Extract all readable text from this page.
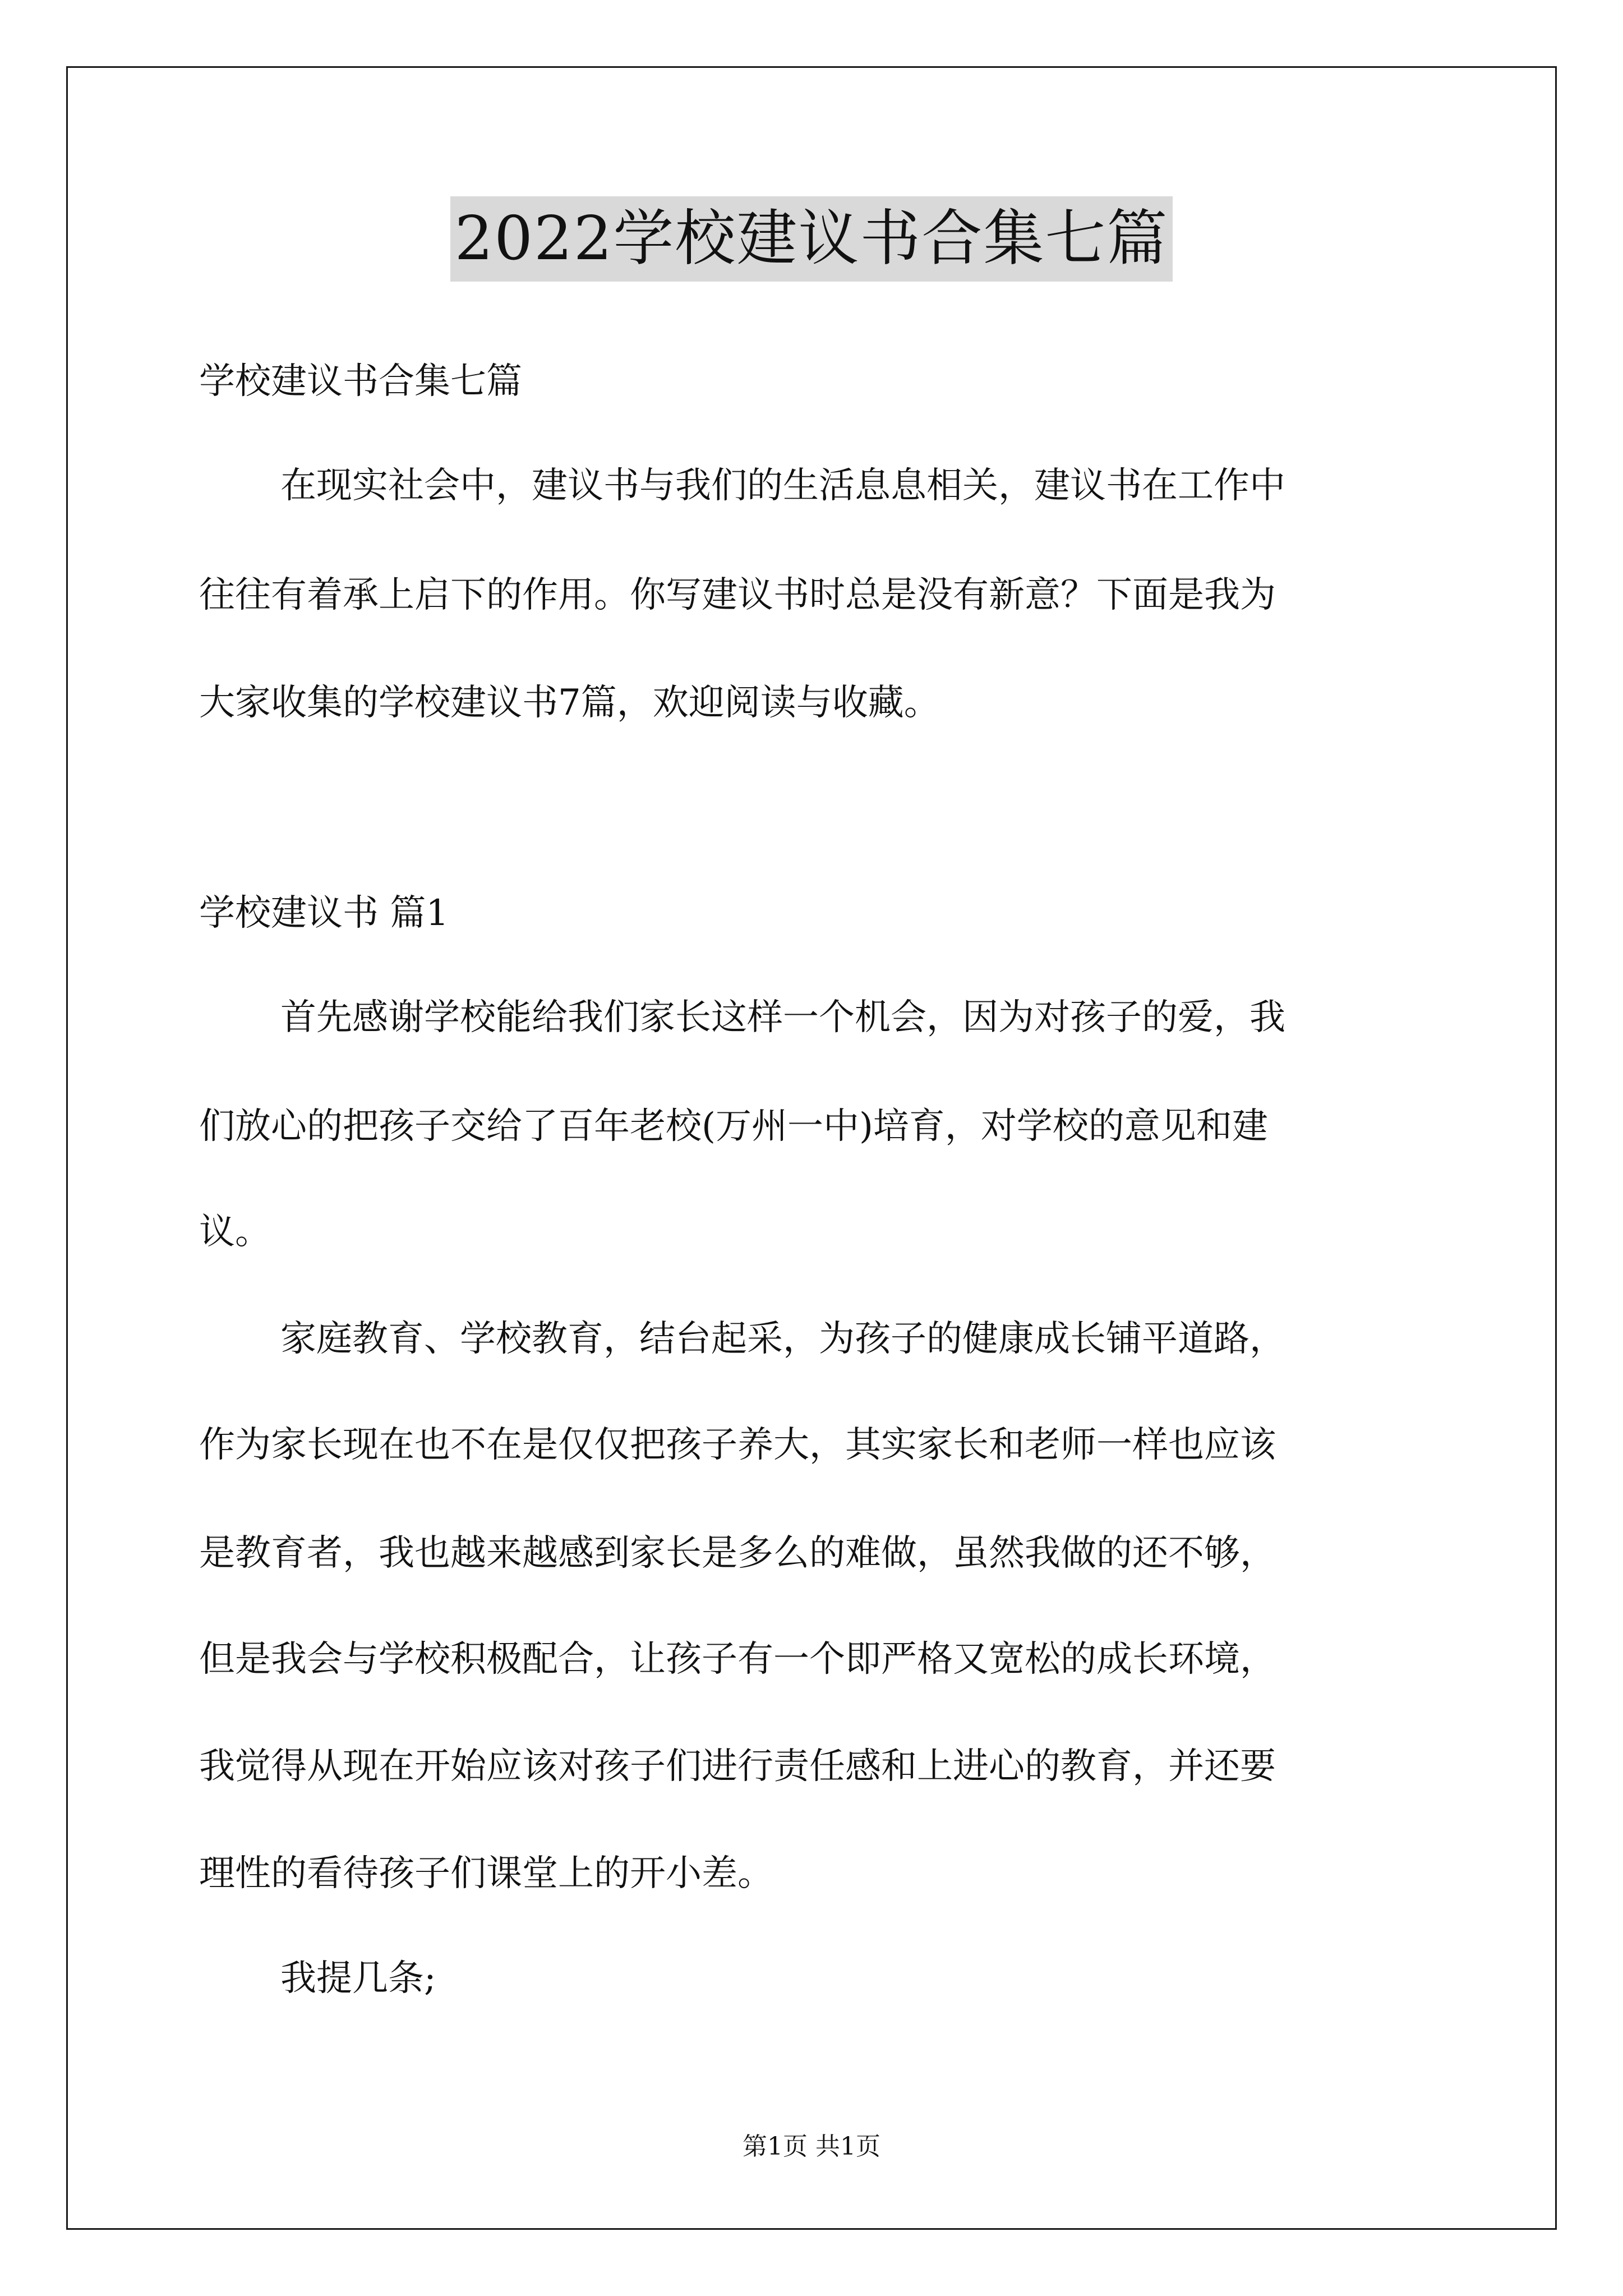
2022学校建议书合集七篇
学校建议书合集七篇
在现实社会中，建议书与我们的生活息息相关，建议书在工作中
往往有着承上启下的作用。你写建议书时总是没有新意？下面是我为
大家收集的学校建议书7篇，欢迎阅读与收藏。
学校建议书 篇1
首先感谢学校能给我们家长这样一个机会，因为对孩子的爱，我
们放心的把孩子交给了百年老校(万州一中)培育，对学校的意见和建
议。
家庭教育、学校教育，结台起采，为孩子的健康成长铺平道路，
作为家长现在也不在是仅仅把孩子养大，其实家长和老师一样也应该
是教育者，我也越来越感到家长是多么的难做，虽然我做的还不够，
但是我会与学校积极配合，让孩子有一个即严格又宽松的成长环境，
我觉得从现在开始应该对孩子们进行责任感和上进心的教育，并还要
理性的看待孩子们课堂上的开小差。
我提几条;
第1页 共1页
